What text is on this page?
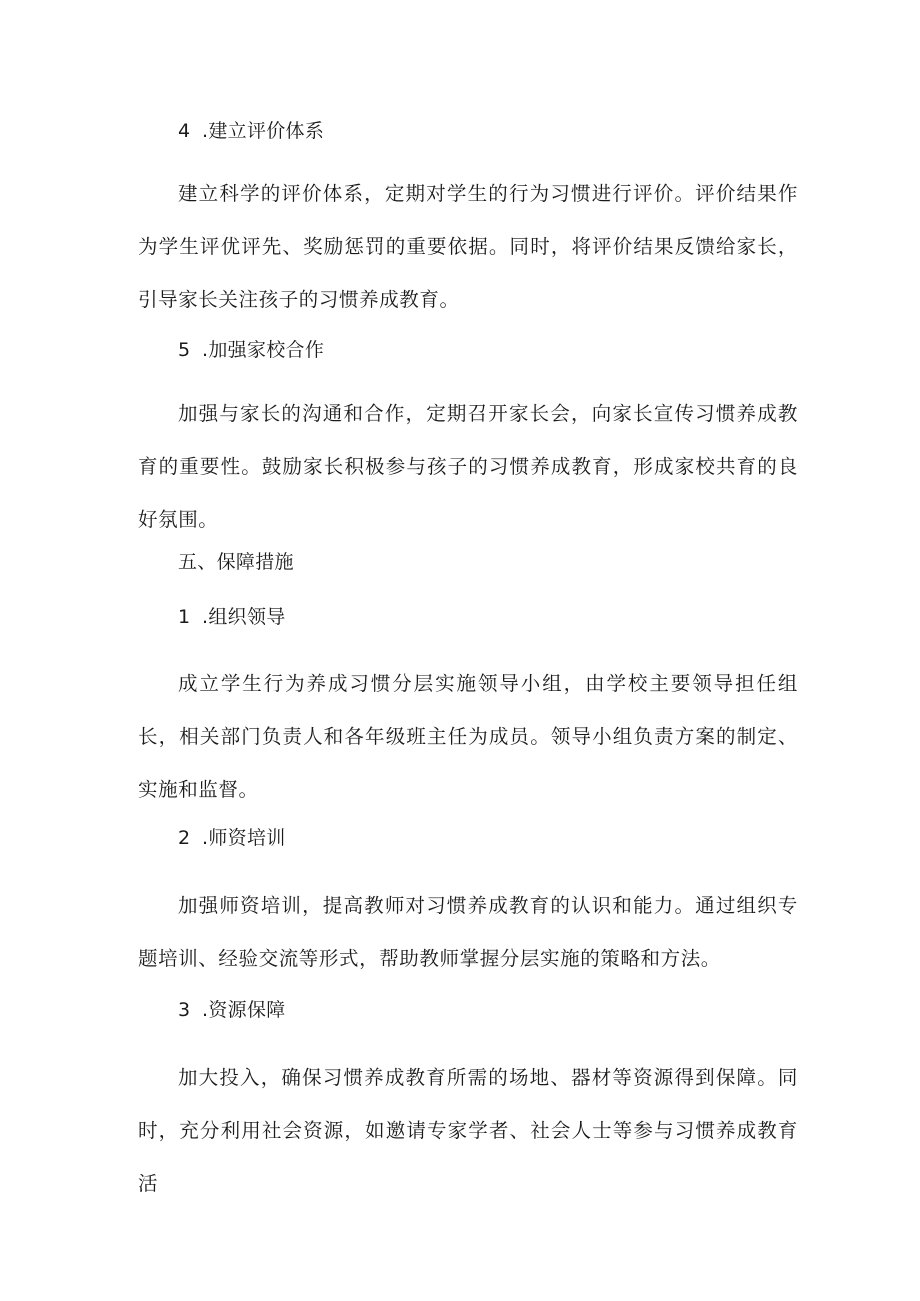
4 .建立评价体系
建立科学的评价体系，定期对学生的行为习惯进行评价。评价结果作为学生评优评先、奖励惩罚的重要依据。同时，将评价结果反馈给家长，引导家长关注孩子的习惯养成教育。
5 .加强家校合作
加强与家长的沟通和合作，定期召开家长会，向家长宣传习惯养成教育的重要性。鼓励家长积极参与孩子的习惯养成教育，形成家校共育的良好氛围。
五、保障措施
1 .组织领导
成立学生行为养成习惯分层实施领导小组，由学校主要领导担任组长，相关部门负责人和各年级班主任为成员。领导小组负责方案的制定、实施和监督。
2 .师资培训
加强师资培训，提高教师对习惯养成教育的认识和能力。通过组织专题培训、经验交流等形式，帮助教师掌握分层实施的策略和方法。
3 .资源保障
加大投入，确保习惯养成教育所需的场地、器材等资源得到保障。同时，充分利用社会资源，如邀请专家学者、社会人士等参与习惯养成教育活
